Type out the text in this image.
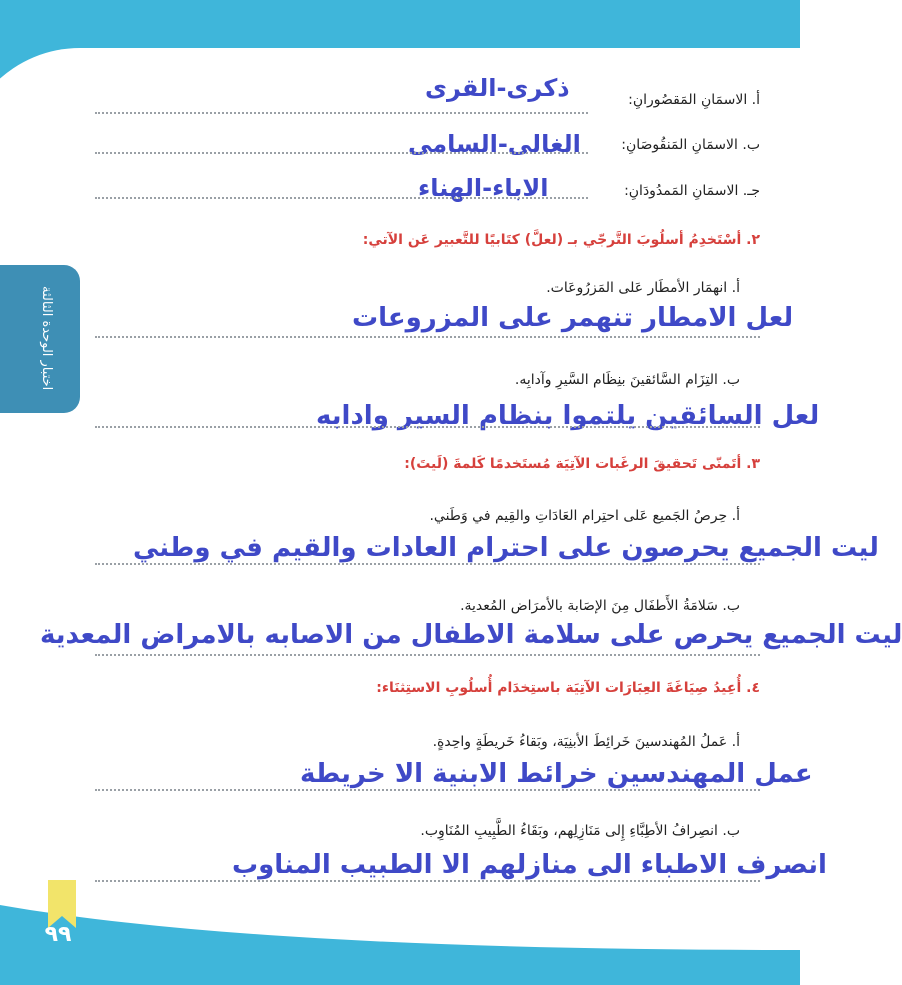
اختبار الوحدة الثالثة
٩٩
أ. الاسمَانِ المَقصُورانِ:
ذكرى-القرى
ب. الاسمَانِ المَنقُوصَانِ:
الغالى-السامى
جـ. الاسمَانِ المَمدُودَانِ:
الاباء-الهناء
٢. أسْتَخدِمُ أسلُوبَ التَّرجّي بـ (لعلَّ) كتَابيًا للتَّعبير عَن الآتي:
أ. انهمَار الأمطَار عَلى المَزرُوعَات.
لعل الامطار تنهمر على المزروعات
ب. التِزَام السَّائقينَ بنِظَام السَّيرِ وآدابِه.
لعل السائقين يلتموا بنظام السير وادابه
٣. أتَمنّى تَحقيقَ الرغَبات الآتِيَة مُستَخدمًا كَلمةَ (لَيتَ):
أ. حِرصُ الجَميع عَلى احتِرام العَادَاتِ والقِيم في وَطَني.
ليت الجميع يحرصون على احترام العادات والقيم في وطني
ب. سَلامَةُ الأَطفَال مِنَ الإصَابة بالأمرَاض المُعدية.
ليت الجميع يحرص على سلامة الاطفال من الاصابه بالامراض المعدية
٤. أُعِيدُ صِيَاغَةَ العِبَارَات الآتِيَة باستِخدَام أُسلُوبِ الاستِثنَاء:
أ. عَملُ المُهندسينَ خَرائِطَ الأبنِيَة، وبَقاءُ خَريطَةٍ واحِدةٍ.
عمل المهندسين خرائط الابنية الا خريطة
ب. انصِرافُ الأطِبَّاءِ إِلى مَنَازِلِهم، وبَقَاءُ الطَّبِيبِ المُنَاوِب.
انصرف الاطباء الى منازلهم الا الطبيب المناوب
